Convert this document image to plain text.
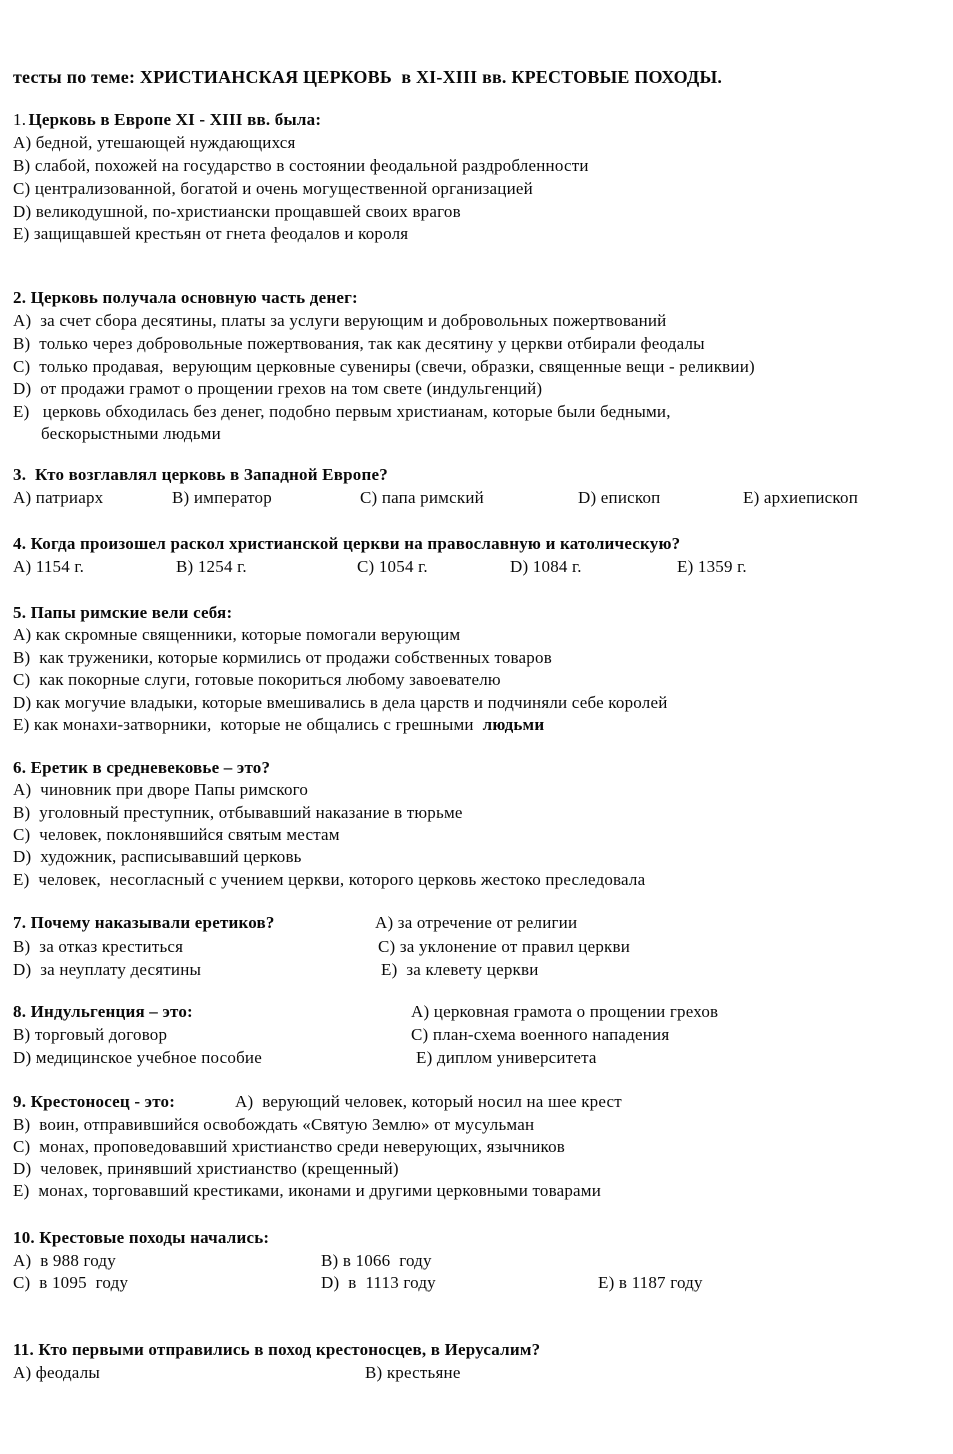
тесты по теме: ХРИСТИАНСКАЯ ЦЕРКОВЬ  в XI-XIII вв. КРЕСТОВЫЕ ПОХОДЫ.
1.
Церковь в Европе XI - XIII вв. была:
А) бедной, утешающей нуждающихся
В) слабой, похожей на государство в состоянии феодальной раздробленности
С) централизованной, богатой и очень могущественной организацией
D) великодушной, по-христиански прощавшей своих врагов
Е) защищавшей крестьян от гнета феодалов и короля
2. Церковь получала основную часть денег:
А)  за счет сбора десятины, платы за услуги верующим и добровольных пожертвований
В)  только через добровольные пожертвования, так как десятину у церкви отбирали феодалы
С)  только продавая,  верующим церковные сувениры (свечи, образки, священные вещи - реликвии)
D)  от продажи грамот о прощении грехов на том свете (индульгенций)
Е)   церковь обходилась без денег, подобно первым христианам, которые были бедными,
бескорыстными людьми
3.  Кто возглавлял церковь в Западной Европе?

А) патриарх

	В) император

	С) папа римский

	D) епископ

	Е) архиепископ

4. Когда произошел раскол христианской церкви на православную и католическую?

А) 1154 г.

	В) 1254 г.

	С) 1054 г.

	D) 1084 г.

	Е) 1359 г.

5. Папы римские вели себя:
А) как скромные священники, которые помогали верующим
В)  как труженики, которые кормились от продажи собственных товаров
С)  как покорные слуги, готовые покориться любому завоевателю
D) как могучие владыки, которые вмешивались в дела царств и подчиняли себе королей
Е) как монахи-затворники,  которые не общались с грешными  людьми
6. Еретик в средневековье – это?
А)  чиновник при дворе Папы римского
В)  уголовный преступник, отбывавший наказание в тюрьме
С)  человек, поклонявшийся святым местам
D)  художник, расписывавший церковь
Е)  человек,  несогласный с учением церкви, которого церковь жестоко преследовала

7. Почему наказывали еретиков?

	А) за отречение от религии

В)  за отказ креститься

	С) за уклонение от правил церкви

D)  за неуплату десятины

	Е)  за клевету церкви

8. Индульгенция – это:

	А) церковная грамота о прощении грехов

В) торговый договор

	С) план-схема военного нападения

D) медицинское учебное пособие

	Е) диплом университета

9. Крестоносец - это:

	А)  верующий человек, который носил на шее крест

В)  воин, отправившийся освобождать «Святую Землю» от мусульман
С)  монах, проповедовавший христианство среди неверующих, язычников
D)  человек, принявший христианство (крещенный)
Е)  монах, торговавший крестиками, иконами и другими церковными товарами
10. Крестовые походы начались:

А)  в 988 году

	В) в 1066  году

С)  в 1095  году

	D)  в  1113 году

	Е) в 1187 году

11. Кто первыми отправились в поход крестоносцев, в Иерусалим?

А) феодалы

	В) крестьяне
